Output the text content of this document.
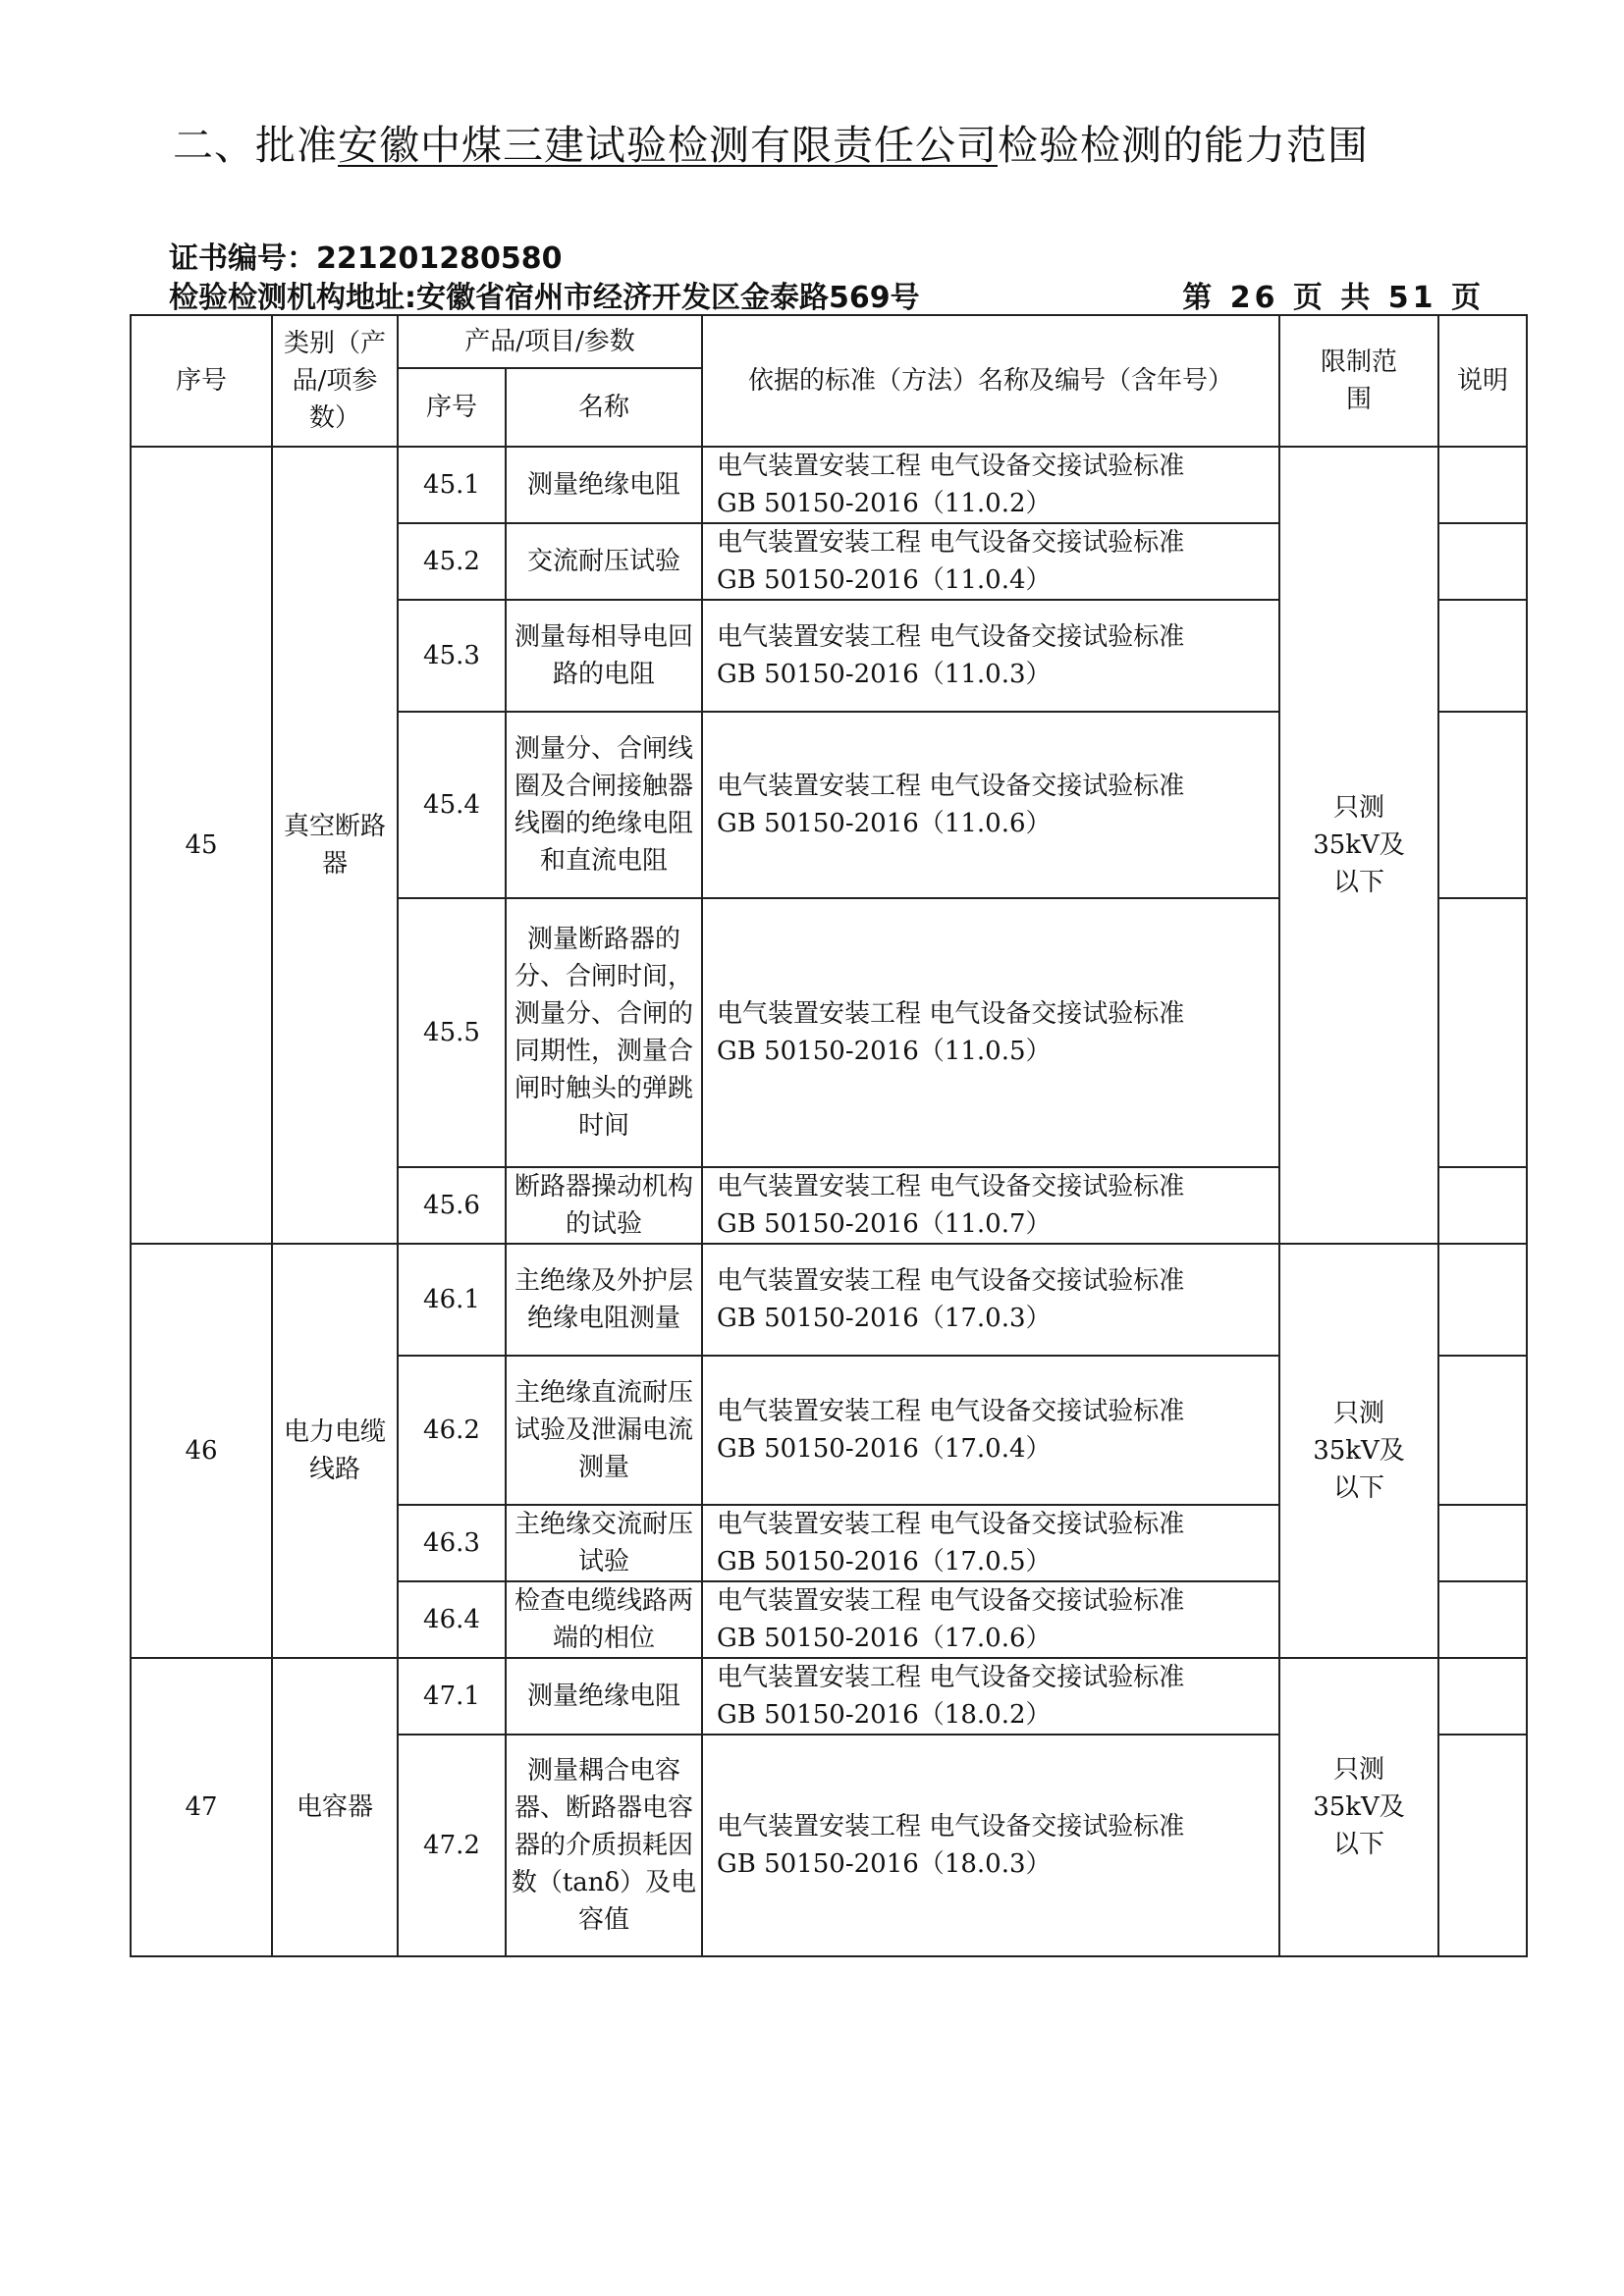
二、批准安徽中煤三建试验检测有限责任公司检验检测的能力范围
证书编号：221201280580
检验检测机构地址:安徽省宿州市经济开发区金泰路569号	第 26 页 共 51 页
序号	类别（产品/项参数）	产品/项目/参数		依据的标准（方法）名称及编号（含年号）	限制范围	说明
		序号	名称			
45	真空断路器	45.1	测量绝缘电阻	电气装置安装工程 电气设备交接试验标准
GB 50150-2016（11.0.2）	只测35kV及以下	
		45.2	交流耐压试验	电气装置安装工程 电气设备交接试验标准
GB 50150-2016（11.0.4）		

		45.3	测量每相导电回路的电阻	电气装置安装工程 电气设备交接试验标准
GB 50150-2016（11.0.3）		

		45.4	测量分、合闸线圈及合闸接触器线圈的绝缘电阻和直流电阻	电气装置安装工程 电气设备交接试验标准
GB 50150-2016（11.0.6）		

		45.5	测量断路器的分、合闸时间，测量分、合闸的同期性，测量合闸时触头的弹跳时间	电气装置安装工程 电气设备交接试验标准
GB 50150-2016（11.0.5）		

		45.6	断路器操动机构的试验	电气装置安装工程 电气设备交接试验标准
GB 50150-2016（11.0.7）		

46	电力电缆线路	46.1	主绝缘及外护层绝缘电阻测量	电气装置安装工程 电气设备交接试验标准
GB 50150-2016（17.0.3）	只测35kV及以下	
		46.2	主绝缘直流耐压试验及泄漏电流测量	电气装置安装工程 电气设备交接试验标准
GB 50150-2016（17.0.4）		

		46.3	主绝缘交流耐压试验	电气装置安装工程 电气设备交接试验标准
GB 50150-2016（17.0.5）		

		46.4	检查电缆线路两端的相位	电气装置安装工程 电气设备交接试验标准
GB 50150-2016（17.0.6）		

47	电容器	47.1	测量绝缘电阻	电气装置安装工程 电气设备交接试验标准
GB 50150-2016（18.0.2）	只测35kV及以下	
		47.2	测量耦合电容器、断路器电容器的介质损耗因数（tanδ）及电容值	电气装置安装工程 电气设备交接试验标准
GB 50150-2016（18.0.3）		
